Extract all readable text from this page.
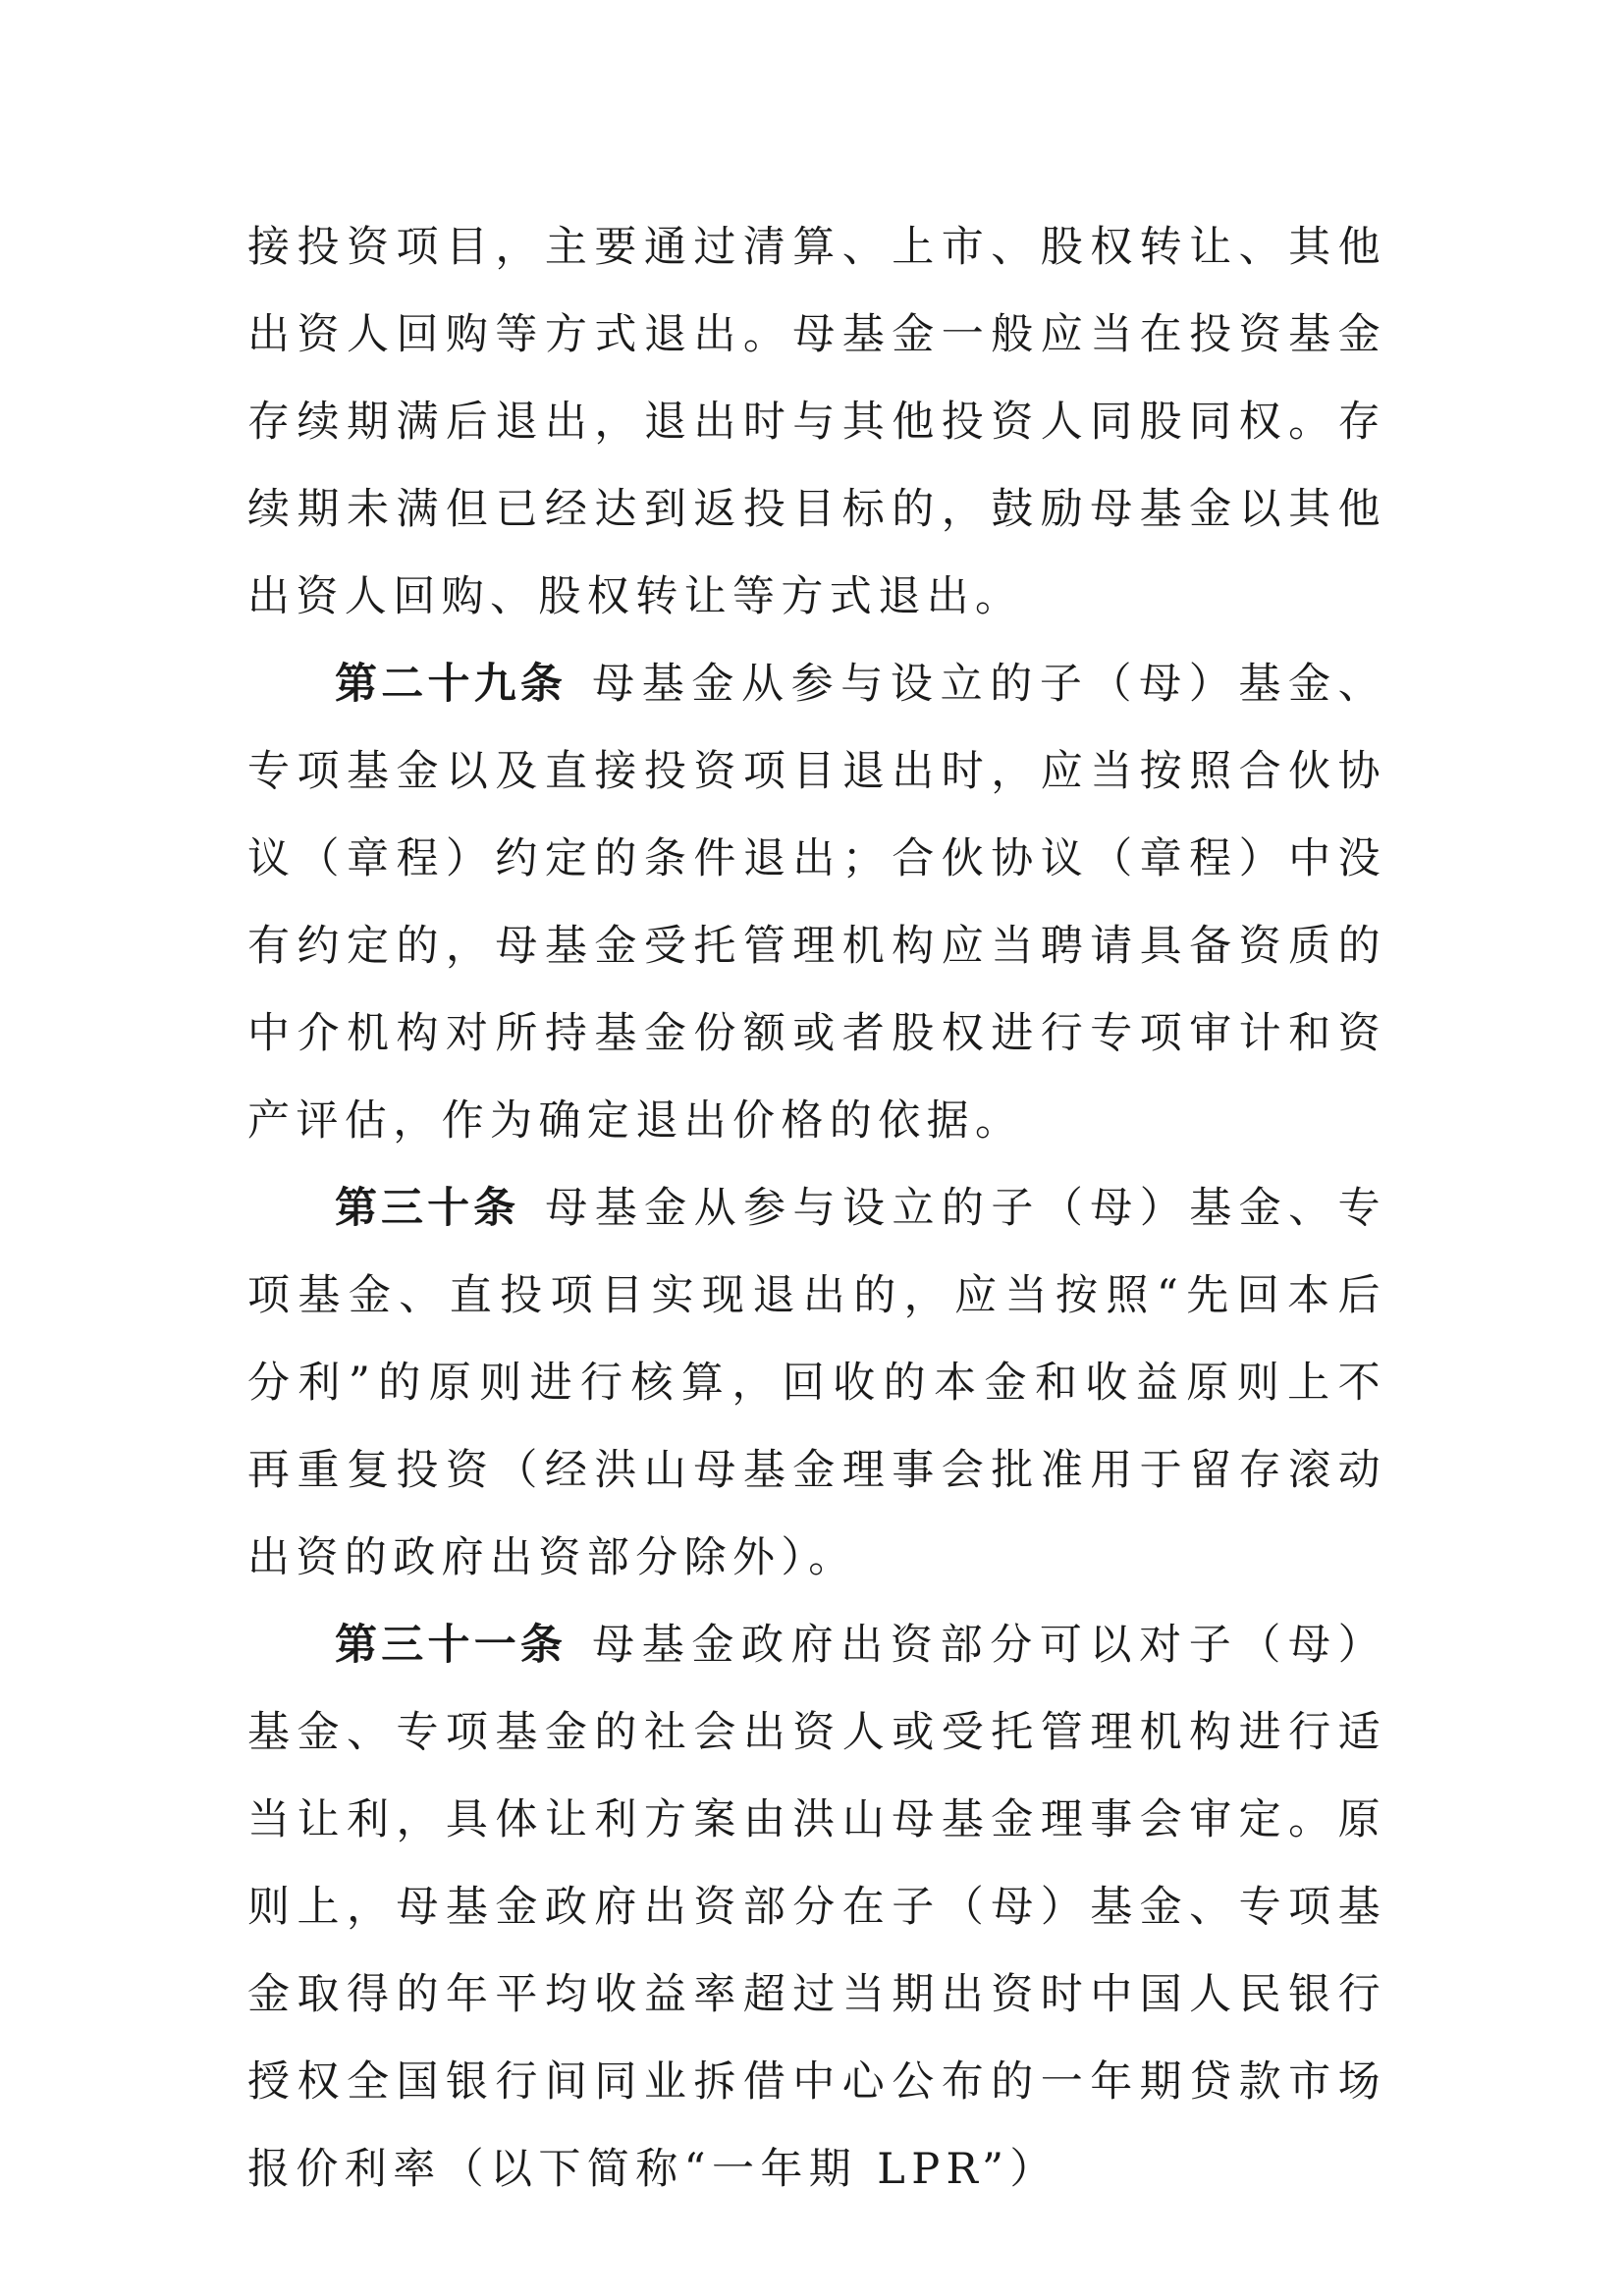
接投资项目，主要通过清算、上市、股权转让、其他出资人回购等方式退出。母基金一般应当在投资基金存续期满后退出，退出时与其他投资人同股同权。存续期未满但已经达到返投目标的，鼓励母基金以其他出资人回购、股权转让等方式退出。

第二十九条 母基金从参与设立的子（母）基金、专项基金以及直接投资项目退出时，应当按照合伙协议（章程）约定的条件退出；合伙协议（章程）中没有约定的，母基金受托管理机构应当聘请具备资质的中介机构对所持基金份额或者股权进行专项审计和资产评估，作为确定退出价格的依据。

第三十条 母基金从参与设立的子（母）基金、专项基金、直投项目实现退出的，应当按照“先回本后分利”的原则进行核算，回收的本金和收益原则上不再重复投资（经洪山母基金理事会批准用于留存滚动出资的政府出资部分除外）。

第三十一条 母基金政府出资部分可以对子（母）基金、专项基金的社会出资人或受托管理机构进行适当让利，具体让利方案由洪山母基金理事会审定。原则上，母基金政府出资部分在子（母）基金、专项基金取得的年平均收益率超过当期出资时中国人民银行授权全国银行间同业拆借中心公布的一年期贷款市场报价利率（以下简称“一年期 LPR”）
